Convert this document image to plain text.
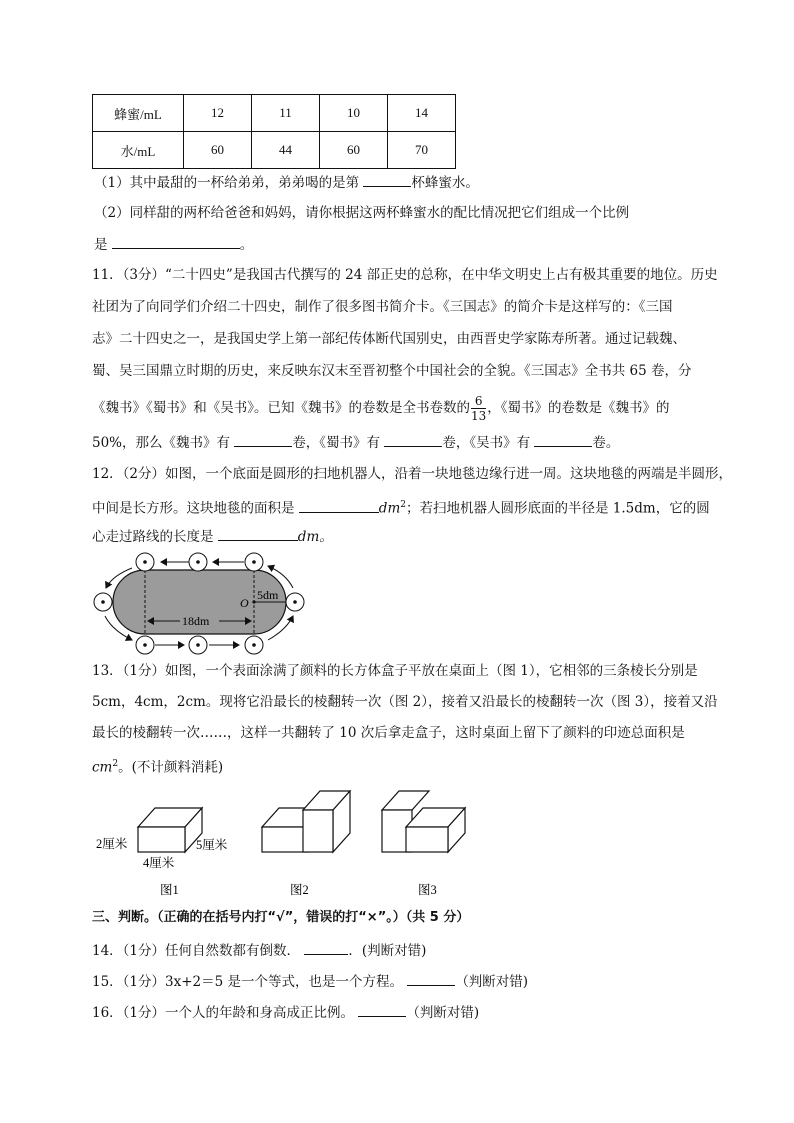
蜂蜜/mL	12	11	10	14
水/mL	60	44	60	70
（1）其中最甜的一杯给弟弟，弟弟喝的是第	杯蜂蜜水。
（2）同样甜的两杯给爸爸和妈妈，请你根据这两杯蜂蜜水的配比情况把它们组成一个比例
是	。
11．（3分）“二十四史”是我国古代撰写的 24 部正史的总称，在中华文明史上占有极其重要的地位。历史
社团为了向同学们介绍二十四史，制作了很多图书简介卡。《三国志》的简介卡是这样写的：《三国
志》二十四史之一，是我国史学上第一部纪传体断代国别史，由西晋史学家陈寿所著。通过记载魏、
蜀、吴三国鼎立时期的历史，来反映东汉末至晋初整个中国社会的全貌。《三国志》全书共 65 卷，分
《魏书》《蜀书》和《吴书》。已知《魏书》的卷数是全书卷数的 $\frac{6}{13}$ ，《蜀书》的卷数是《魏书》的
50%，那么《魏书》有	卷，《蜀书》有	卷，《吴书》有	卷。
12．（2分）如图，一个底面是圆形的扫地机器人，沿着一块地毯边缘行进一周。这块地毯的两端是半圆形，
中间是长方形。这块地毯的面积是	$dm^2$；若扫地机器人圆形底面的半径是 1.5dm，它的圆
心走过路线的长度是	dm。
O
5dm
18dm
13．（1分）如图，一个表面涂满了颜料的长方体盒子平放在桌面上（图 1），它相邻的三条棱长分别是
5cm，4cm，2cm。现将它沿最长的棱翻转一次（图 2），接着又沿最长的棱翻转一次（图 3），接着又沿
最长的棱翻转一次……，这样一共翻转了 10 次后拿走盒子，这时桌面上留下了颜料的印迹总面积是
$cm^2$。(不计颜料消耗)
2厘米	5厘米
4厘米
图1	图2	图3
三、判断。（正确的在括号内打“√”，错误的打“×”。）（共 5 分）
14．（1分）任何自然数都有倒数．	．(判断对错)
15．（1分）3x+2＝5 是一个等式，也是一个方程。	（判断对错)
16．（1分）一个人的年龄和身高成正比例。	（判断对错)
